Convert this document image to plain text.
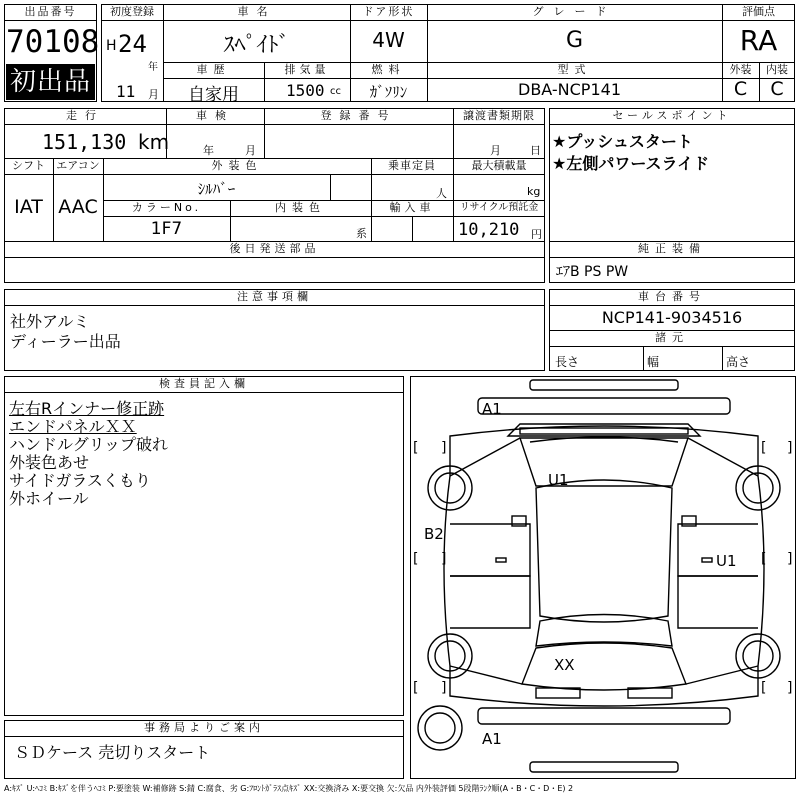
出品番号
70108
初出品
初度登録
H 24
年
11 月
車名
ｽﾍﾟｲﾄﾞ
ドア形状
4W
グレード
G
評価点
RA
車歴
自家用
排気量
1500 cc
燃料
ｶﾞｿﾘﾝ
型式
DBA-NCP141
外装	内装
C	C
走行
151,130 km
車検
年	月
登録番号	譲渡書類期限
月	日
シフト
IAT
エアコン
AAC
外装色
ｼﾙﾊﾞｰ
乗車定員
人
最大積載量
kg
カラーNo.
1F7
内装色
系
輸入車	リサイクル預託金
10,210 円
後日発送部品
セールスポイント
★プッシュスタート
★左側パワースライド
純正装備
ｴｱB PS PW
注意事項欄
社外アルミ
ディーラー出品
車台番号
NCP141-9034516
諸元
長さ	幅	高さ
検査員記入欄
左右Rインナー修正跡
エンドパネルＸＸ
ハンドルグリップ破れ
外装色あせ
サイドガラスくもり
外ホイール
事務局よりご案内
ＳＤケース 売切りスタート
[ ]	[ ]
[ ]	[ ]
[ ]	[ ]
A1
U1
B2
U1
XX
A1
A:ｷｽﾞ U:ﾍｺﾐ B:ｷｽﾞを伴うﾍｺﾐ P:要塗装 W:補修跡 S:錆 C:腐食、劣 G:ﾌﾛﾝﾄｶﾞﾗｽ点ｷｽﾞ XX:交換済み X:要交換 欠:欠品 内外装評価 5段階ﾗﾝｸ順(A・B・C・D・E) 2
